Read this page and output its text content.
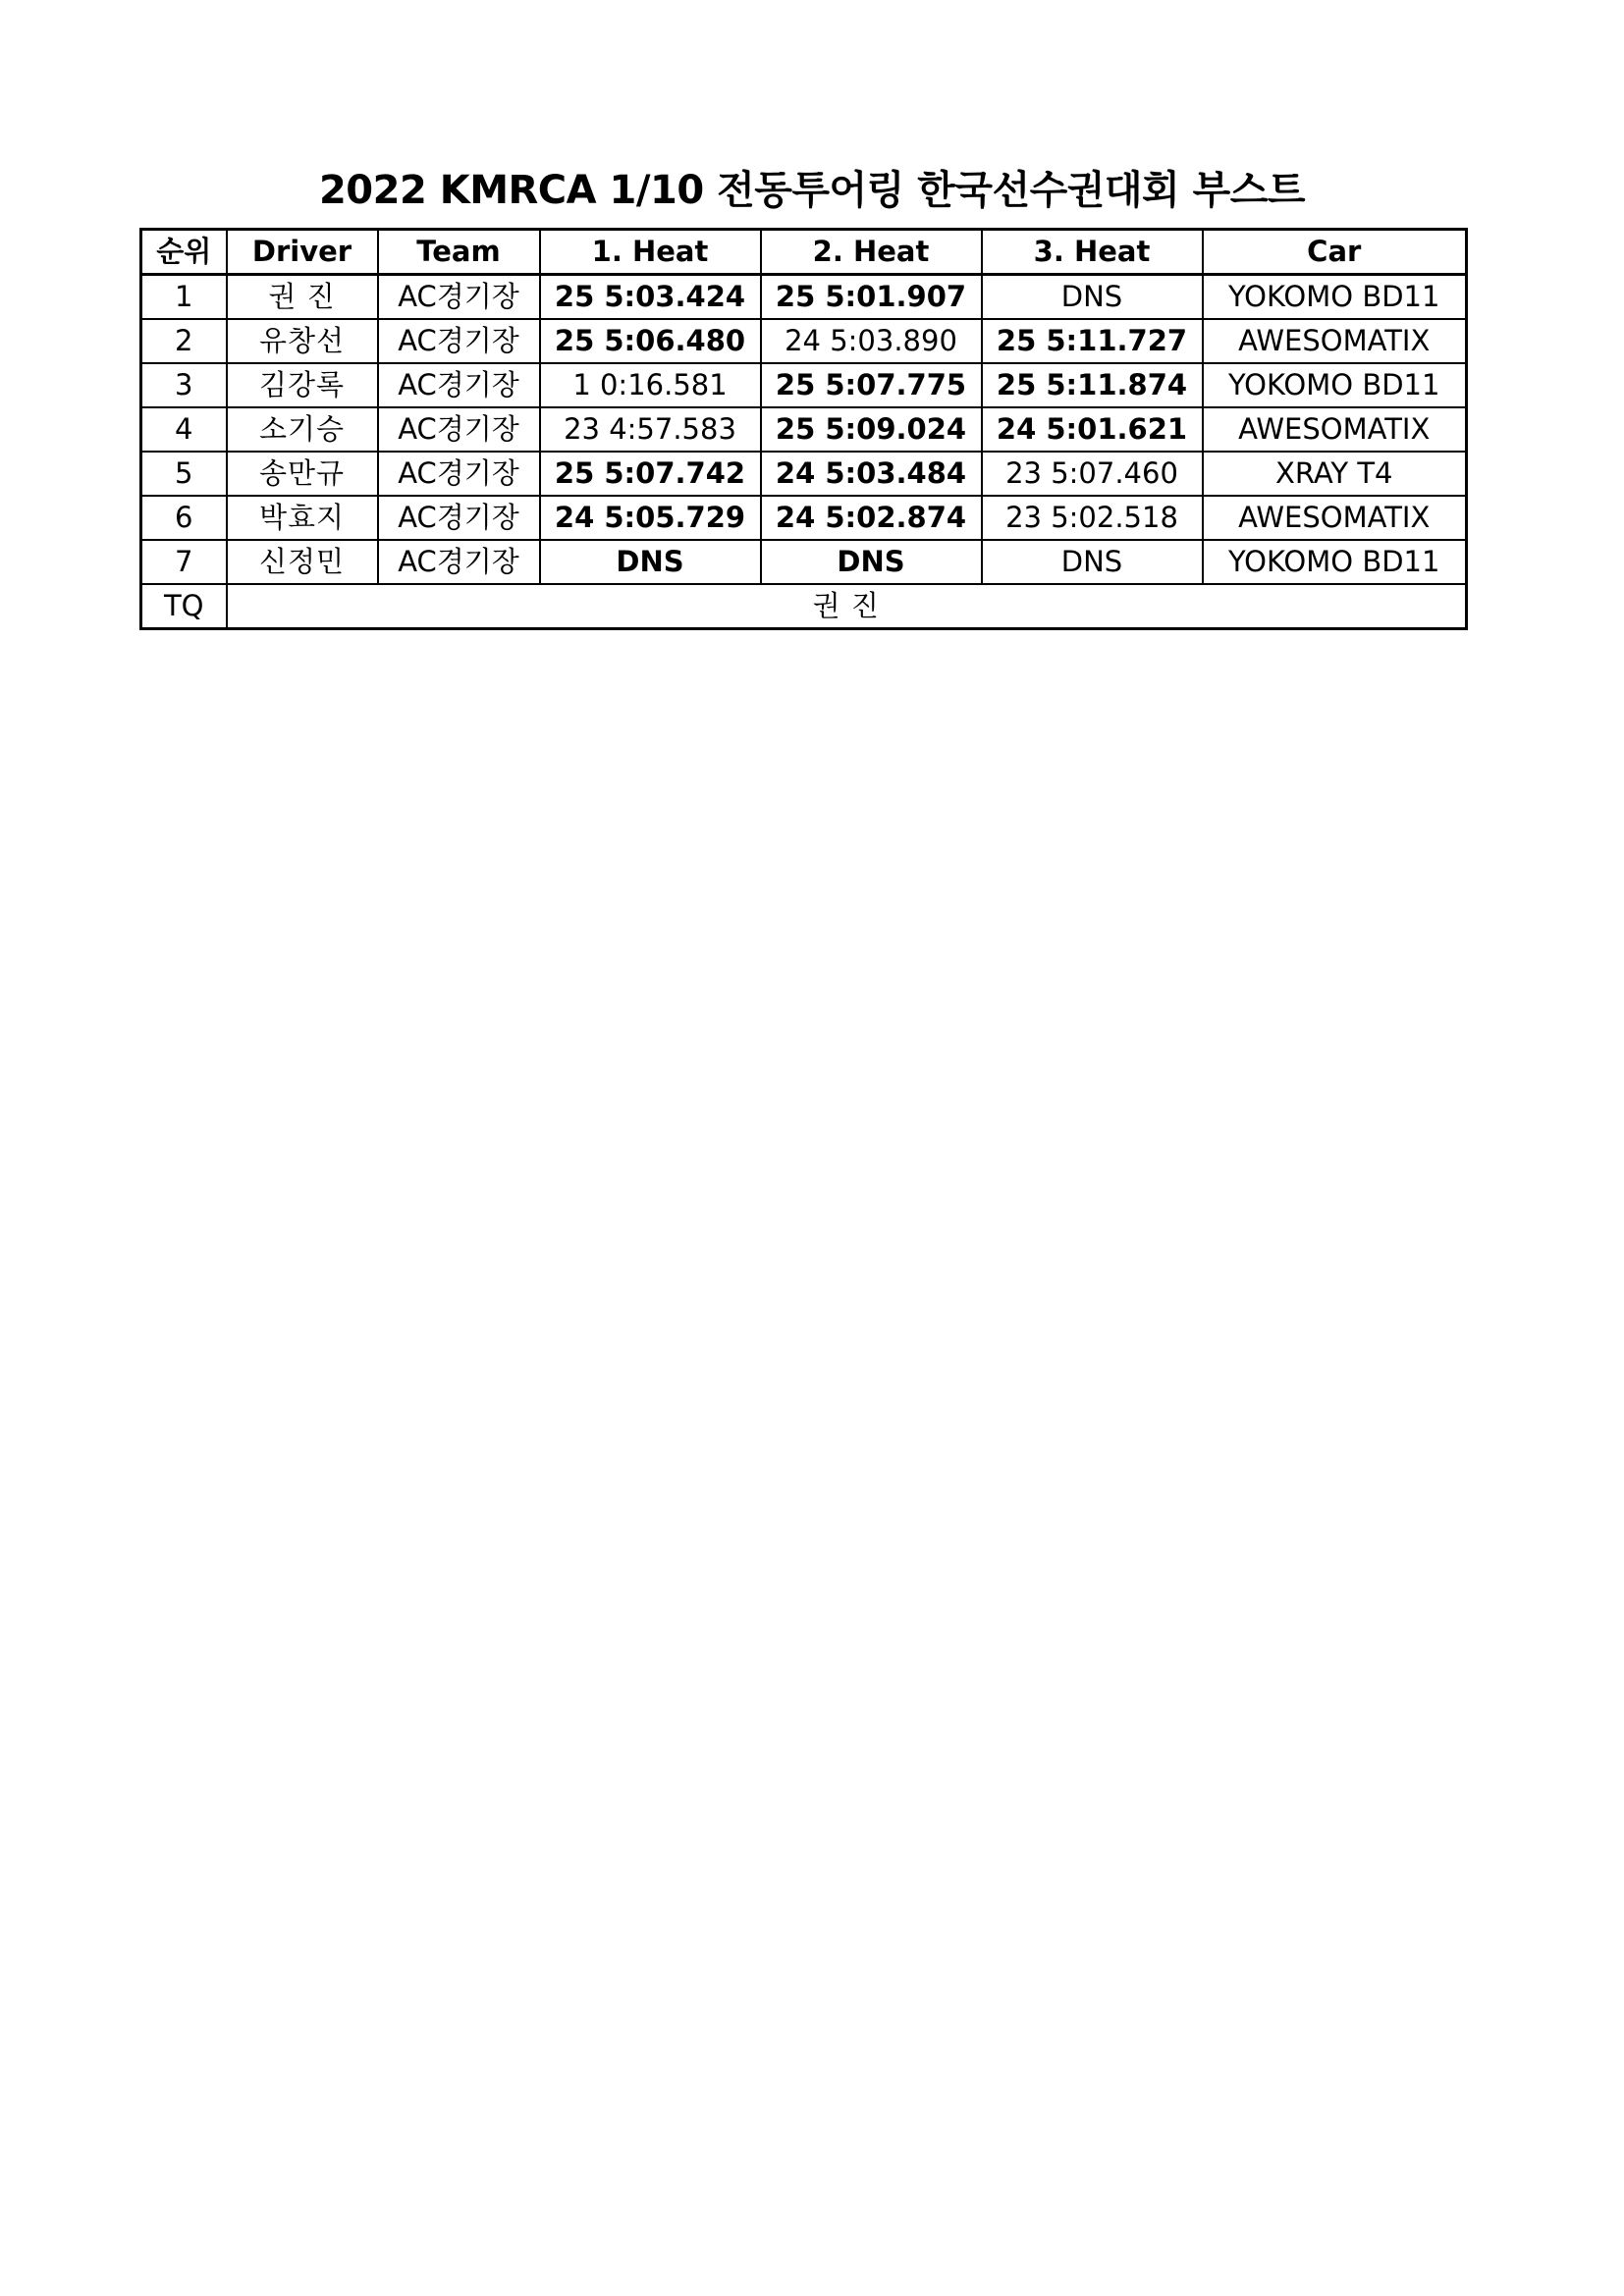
2022 KMRCA 1/10 전동투어링 한국선수권대회 부스트
순위	Driver	Team	1. Heat	2. Heat	3. Heat	Car
1	권 진	AC경기장	25 5:03.424	25 5:01.907	DNS	YOKOMO BD11
2	유창선	AC경기장	25 5:06.480	24 5:03.890	25 5:11.727	AWESOMATIX
3	김강록	AC경기장	1 0:16.581	25 5:07.775	25 5:11.874	YOKOMO BD11
4	소기승	AC경기장	23 4:57.583	25 5:09.024	24 5:01.621	AWESOMATIX
5	송만규	AC경기장	25 5:07.742	24 5:03.484	23 5:07.460	XRAY T4
6	박효지	AC경기장	24 5:05.729	24 5:02.874	23 5:02.518	AWESOMATIX
7	신정민	AC경기장	DNS	DNS	DNS	YOKOMO BD11
TQ	권 진					
